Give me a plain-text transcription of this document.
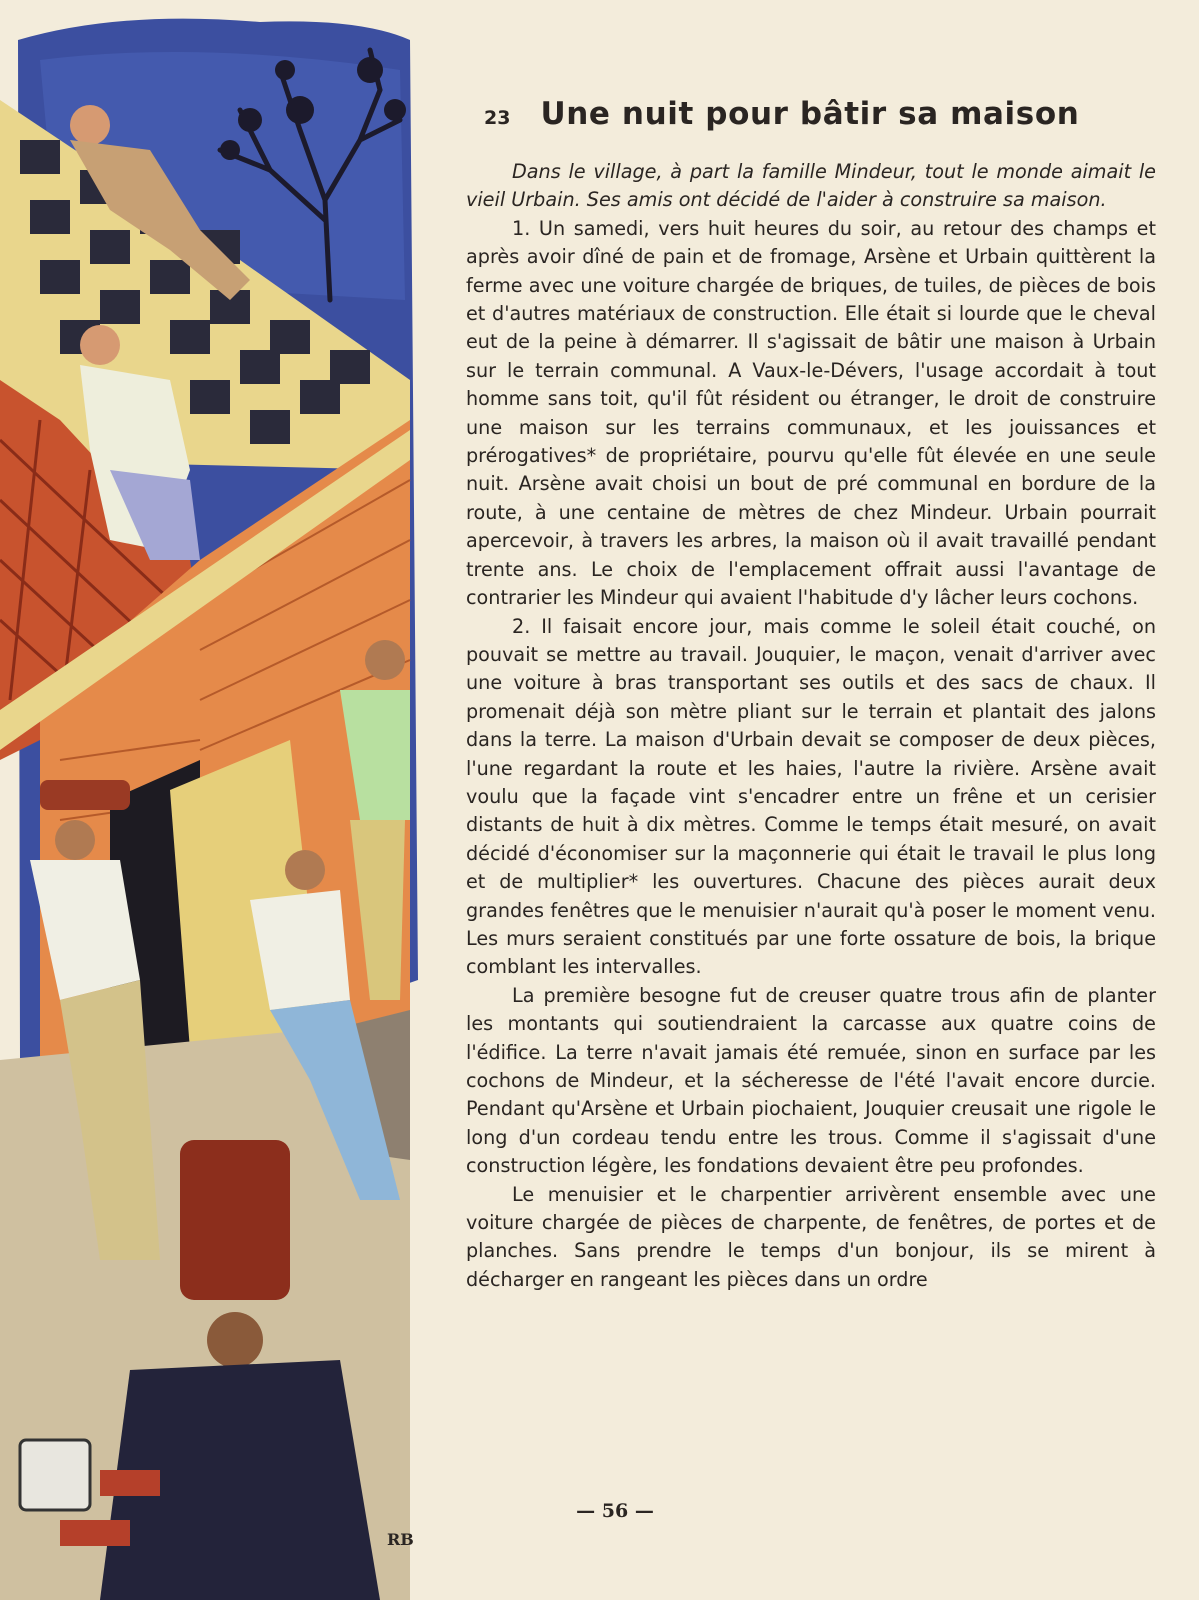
RB
23 Une nuit pour bâtir sa maison

Dans le village, à part la famille Mindeur, tout le monde aimait le vieil Urbain. Ses amis ont décidé de l'aider à construire sa maison.

1. Un samedi, vers huit heures du soir, au retour des champs et après avoir dîné de pain et de fromage, Arsène et Urbain quittèrent la ferme avec une voiture chargée de briques, de tuiles, de pièces de bois et d'autres matériaux de construction. Elle était si lourde que le cheval eut de la peine à démarrer. Il s'agissait de bâtir une maison à Urbain sur le terrain communal. A Vaux-le-Dévers, l'usage accordait à tout homme sans toit, qu'il fût résident ou étranger, le droit de construire une maison sur les terrains communaux, et les jouissances et prérogatives* de propriétaire, pourvu qu'elle fût élevée en une seule nuit. Arsène avait choisi un bout de pré communal en bordure de la route, à une centaine de mètres de chez Mindeur. Urbain pourrait apercevoir, à travers les arbres, la maison où il avait travaillé pendant trente ans. Le choix de l'emplacement offrait aussi l'avantage de contrarier les Mindeur qui avaient l'habitude d'y lâcher leurs cochons.

2. Il faisait encore jour, mais comme le soleil était couché, on pouvait se mettre au travail. Jouquier, le maçon, venait d'arriver avec une voiture à bras transportant ses outils et des sacs de chaux. Il promenait déjà son mètre pliant sur le terrain et plantait des jalons dans la terre. La maison d'Urbain devait se composer de deux pièces, l'une regardant la route et les haies, l'autre la rivière. Arsène avait voulu que la façade vint s'encadrer entre un frêne et un cerisier distants de huit à dix mètres. Comme le temps était mesuré, on avait décidé d'économiser sur la maçonnerie qui était le travail le plus long et de multiplier* les ouvertures. Chacune des pièces aurait deux grandes fenêtres que le menuisier n'aurait qu'à poser le moment venu. Les murs seraient constitués par une forte ossature de bois, la brique comblant les intervalles.

La première besogne fut de creuser quatre trous afin de planter les montants qui soutiendraient la carcasse aux quatre coins de l'édifice. La terre n'avait jamais été remuée, sinon en surface par les cochons de Mindeur, et la sécheresse de l'été l'avait encore durcie. Pendant qu'Arsène et Urbain piochaient, Jouquier creusait une rigole le long d'un cordeau tendu entre les trous. Comme il s'agissait d'une construction légère, les fondations devaient être peu profondes.

Le menuisier et le charpentier arrivèrent ensemble avec une voiture chargée de pièces de charpente, de fenêtres, de portes et de planches. Sans prendre le temps d'un bonjour, ils se mirent à décharger en rangeant les pièces dans un ordre

— 56 —
